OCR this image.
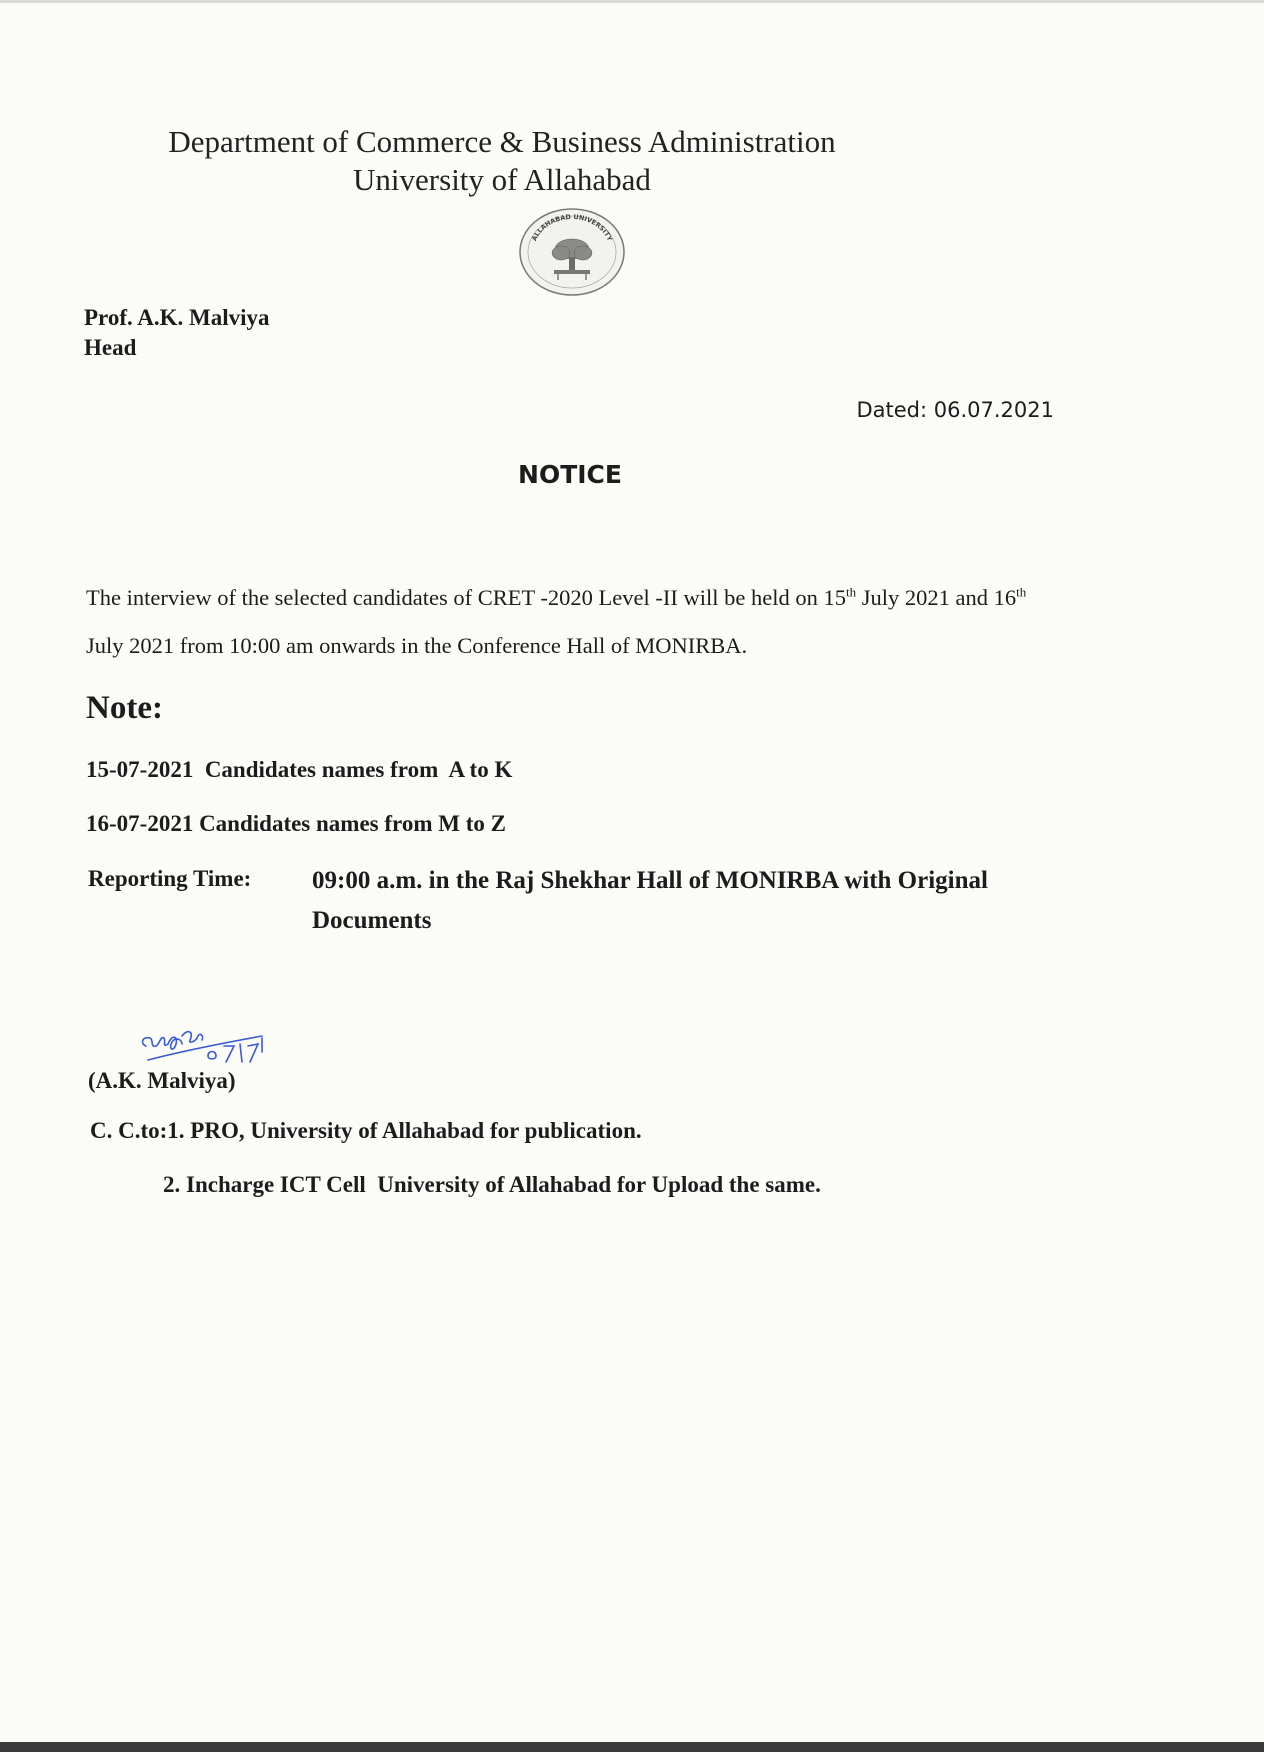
Department of Commerce & Business Administration
University of Allahabad
ALLAHABAD UNIVERSITY
Prof. A.K. Malviya
Head
Dated: 06.07.2021
NOTICE
The interview of the selected candidates of CRET -2020 Level -II will be held on 15th July 2021 and 16th July 2021 from 10:00 am onwards in the Conference Hall of MONIRBA.
Note:
15-07-2021  Candidates names from  A to K
16-07-2021 Candidates names from M to Z
Reporting Time: 09:00 a.m. in the Raj Shekhar Hall of MONIRBA with Original Documents
(A.K. Malviya)
C. C.to:1. PRO, University of Allahabad for publication.
2. Incharge ICT Cell  University of Allahabad for Upload the same.
